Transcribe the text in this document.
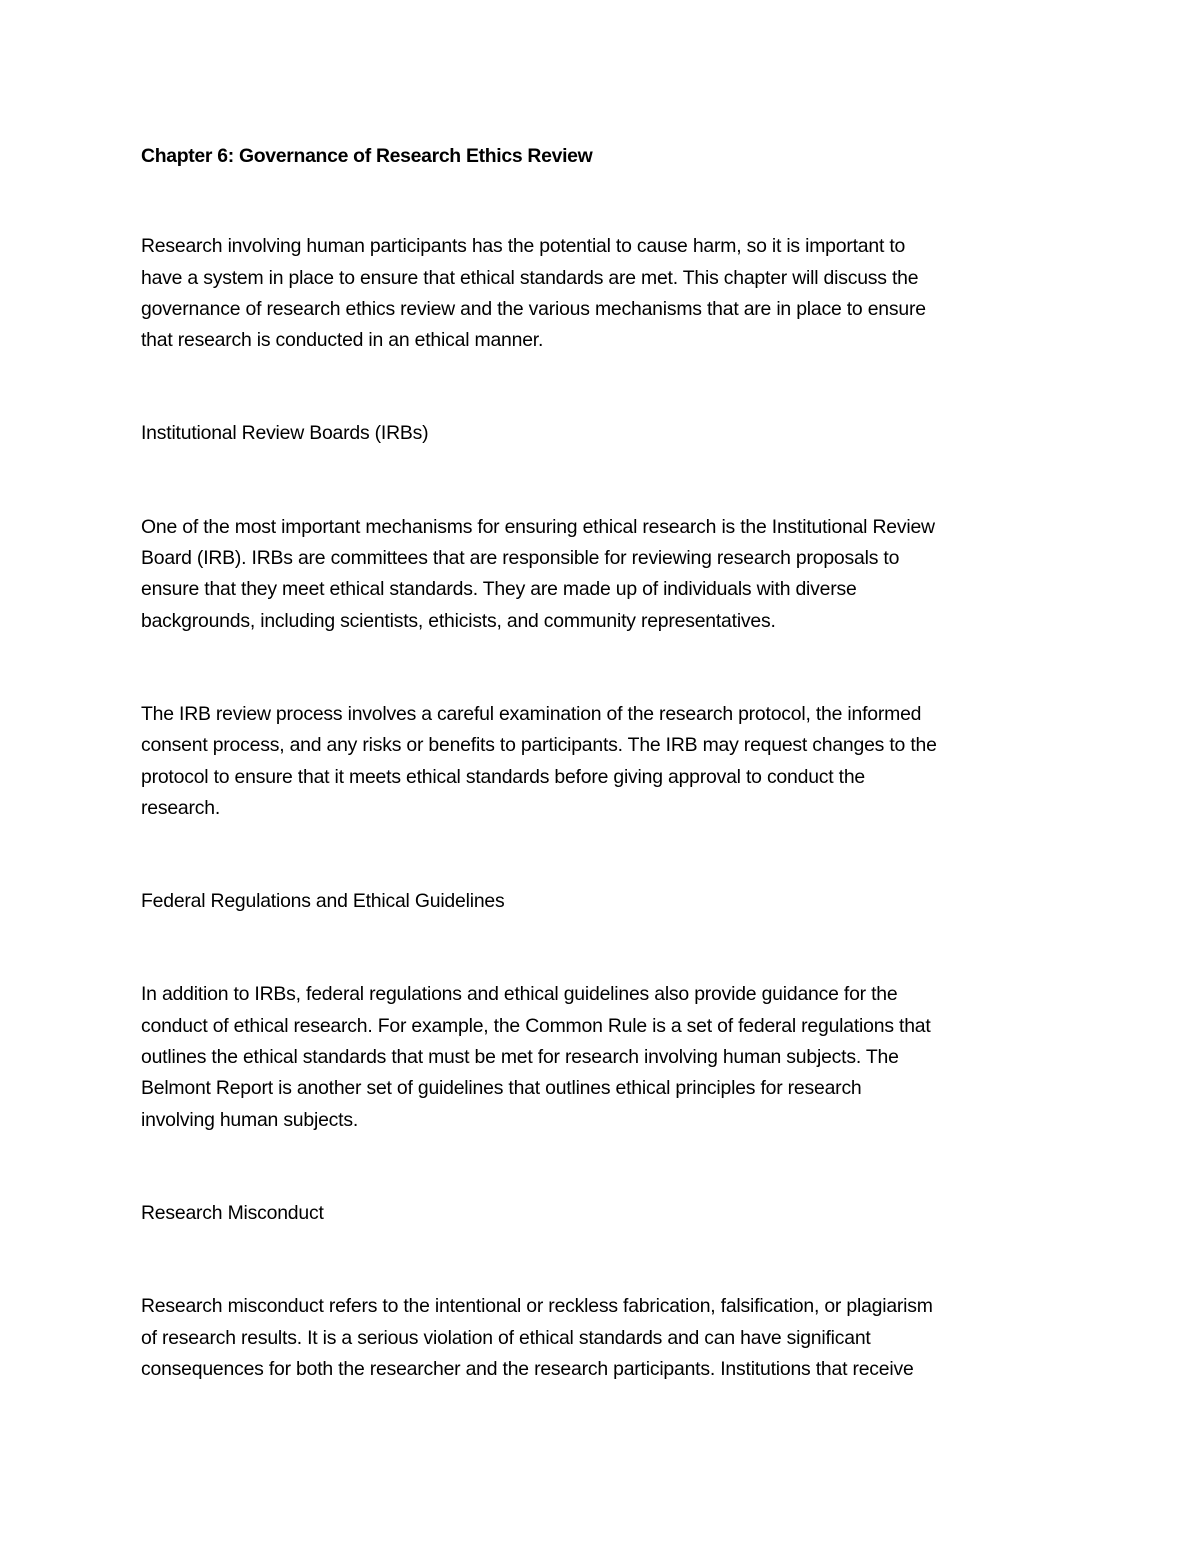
Chapter 6: Governance of Research Ethics Review

Research involving human participants has the potential to cause harm, so it is important to
have a system in place to ensure that ethical standards are met. This chapter will discuss the
governance of research ethics review and the various mechanisms that are in place to ensure
that research is conducted in an ethical manner.

Institutional Review Boards (IRBs)

One of the most important mechanisms for ensuring ethical research is the Institutional Review
Board (IRB). IRBs are committees that are responsible for reviewing research proposals to
ensure that they meet ethical standards. They are made up of individuals with diverse
backgrounds, including scientists, ethicists, and community representatives.

The IRB review process involves a careful examination of the research protocol, the informed
consent process, and any risks or benefits to participants. The IRB may request changes to the
protocol to ensure that it meets ethical standards before giving approval to conduct the
research.

Federal Regulations and Ethical Guidelines

In addition to IRBs, federal regulations and ethical guidelines also provide guidance for the
conduct of ethical research. For example, the Common Rule is a set of federal regulations that
outlines the ethical standards that must be met for research involving human subjects. The
Belmont Report is another set of guidelines that outlines ethical principles for research
involving human subjects.

Research Misconduct

Research misconduct refers to the intentional or reckless fabrication, falsification, or plagiarism
of research results. It is a serious violation of ethical standards and can have significant
consequences for both the researcher and the research participants. Institutions that receive
